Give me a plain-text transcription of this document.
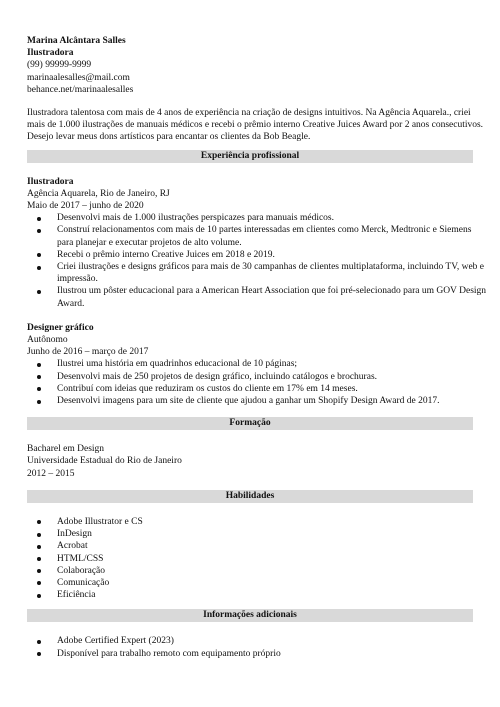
Marina Alcântara Salles
Ilustradora
(99) 99999-9999
marinaalesalles@mail.com
behance.net/marinaalesalles
Ilustradora talentosa com mais de 4 anos de experiência na criação de designs intuitivos. Na Agência Aquarela., criei
mais de 1.000 ilustrações de manuais médicos e recebi o prêmio interno Creative Juices Award por 2 anos consecutivos.
Desejo levar meus dons artísticos para encantar os clientes da Bob Beagle.
Experiência profissional
Ilustradora
Agência Aquarela, Rio de Janeiro, RJ
Maio de 2017 – junho de 2020
Desenvolvi mais de 1.000 ilustrações perspicazes para manuais médicos.
Construí relacionamentos com mais de 10 partes interessadas em clientes como Merck, Medtronic e Siemens
para planejar e executar projetos de alto volume.
Recebi o prêmio interno Creative Juices em 2018 e 2019.
Criei ilustrações e designs gráficos para mais de 30 campanhas de clientes multiplataforma, incluindo TV, web e
impressão.
Ilustrou um pôster educacional para a American Heart Association que foi pré-selecionado para um GOV Design
Award.
Designer gráfico
Autônomo
Junho de 2016 – março de 2017
Ilustrei uma história em quadrinhos educacional de 10 páginas;
Desenvolvi mais de 250 projetos de design gráfico, incluindo catálogos e brochuras.
Contribuí com ideias que reduziram os custos do cliente em 17% em 14 meses.
Desenvolvi imagens para um site de cliente que ajudou a ganhar um Shopify Design Award de 2017.
Formação
Bacharel em Design
Universidade Estadual do Rio de Janeiro
2012 – 2015
Habilidades
Adobe Illustrator e CS
InDesign
Acrobat
HTML/CSS
Colaboração
Comunicação
Eficiência
Informações adicionais
Adobe Certified Expert (2023)
Disponível para trabalho remoto com equipamento próprio
